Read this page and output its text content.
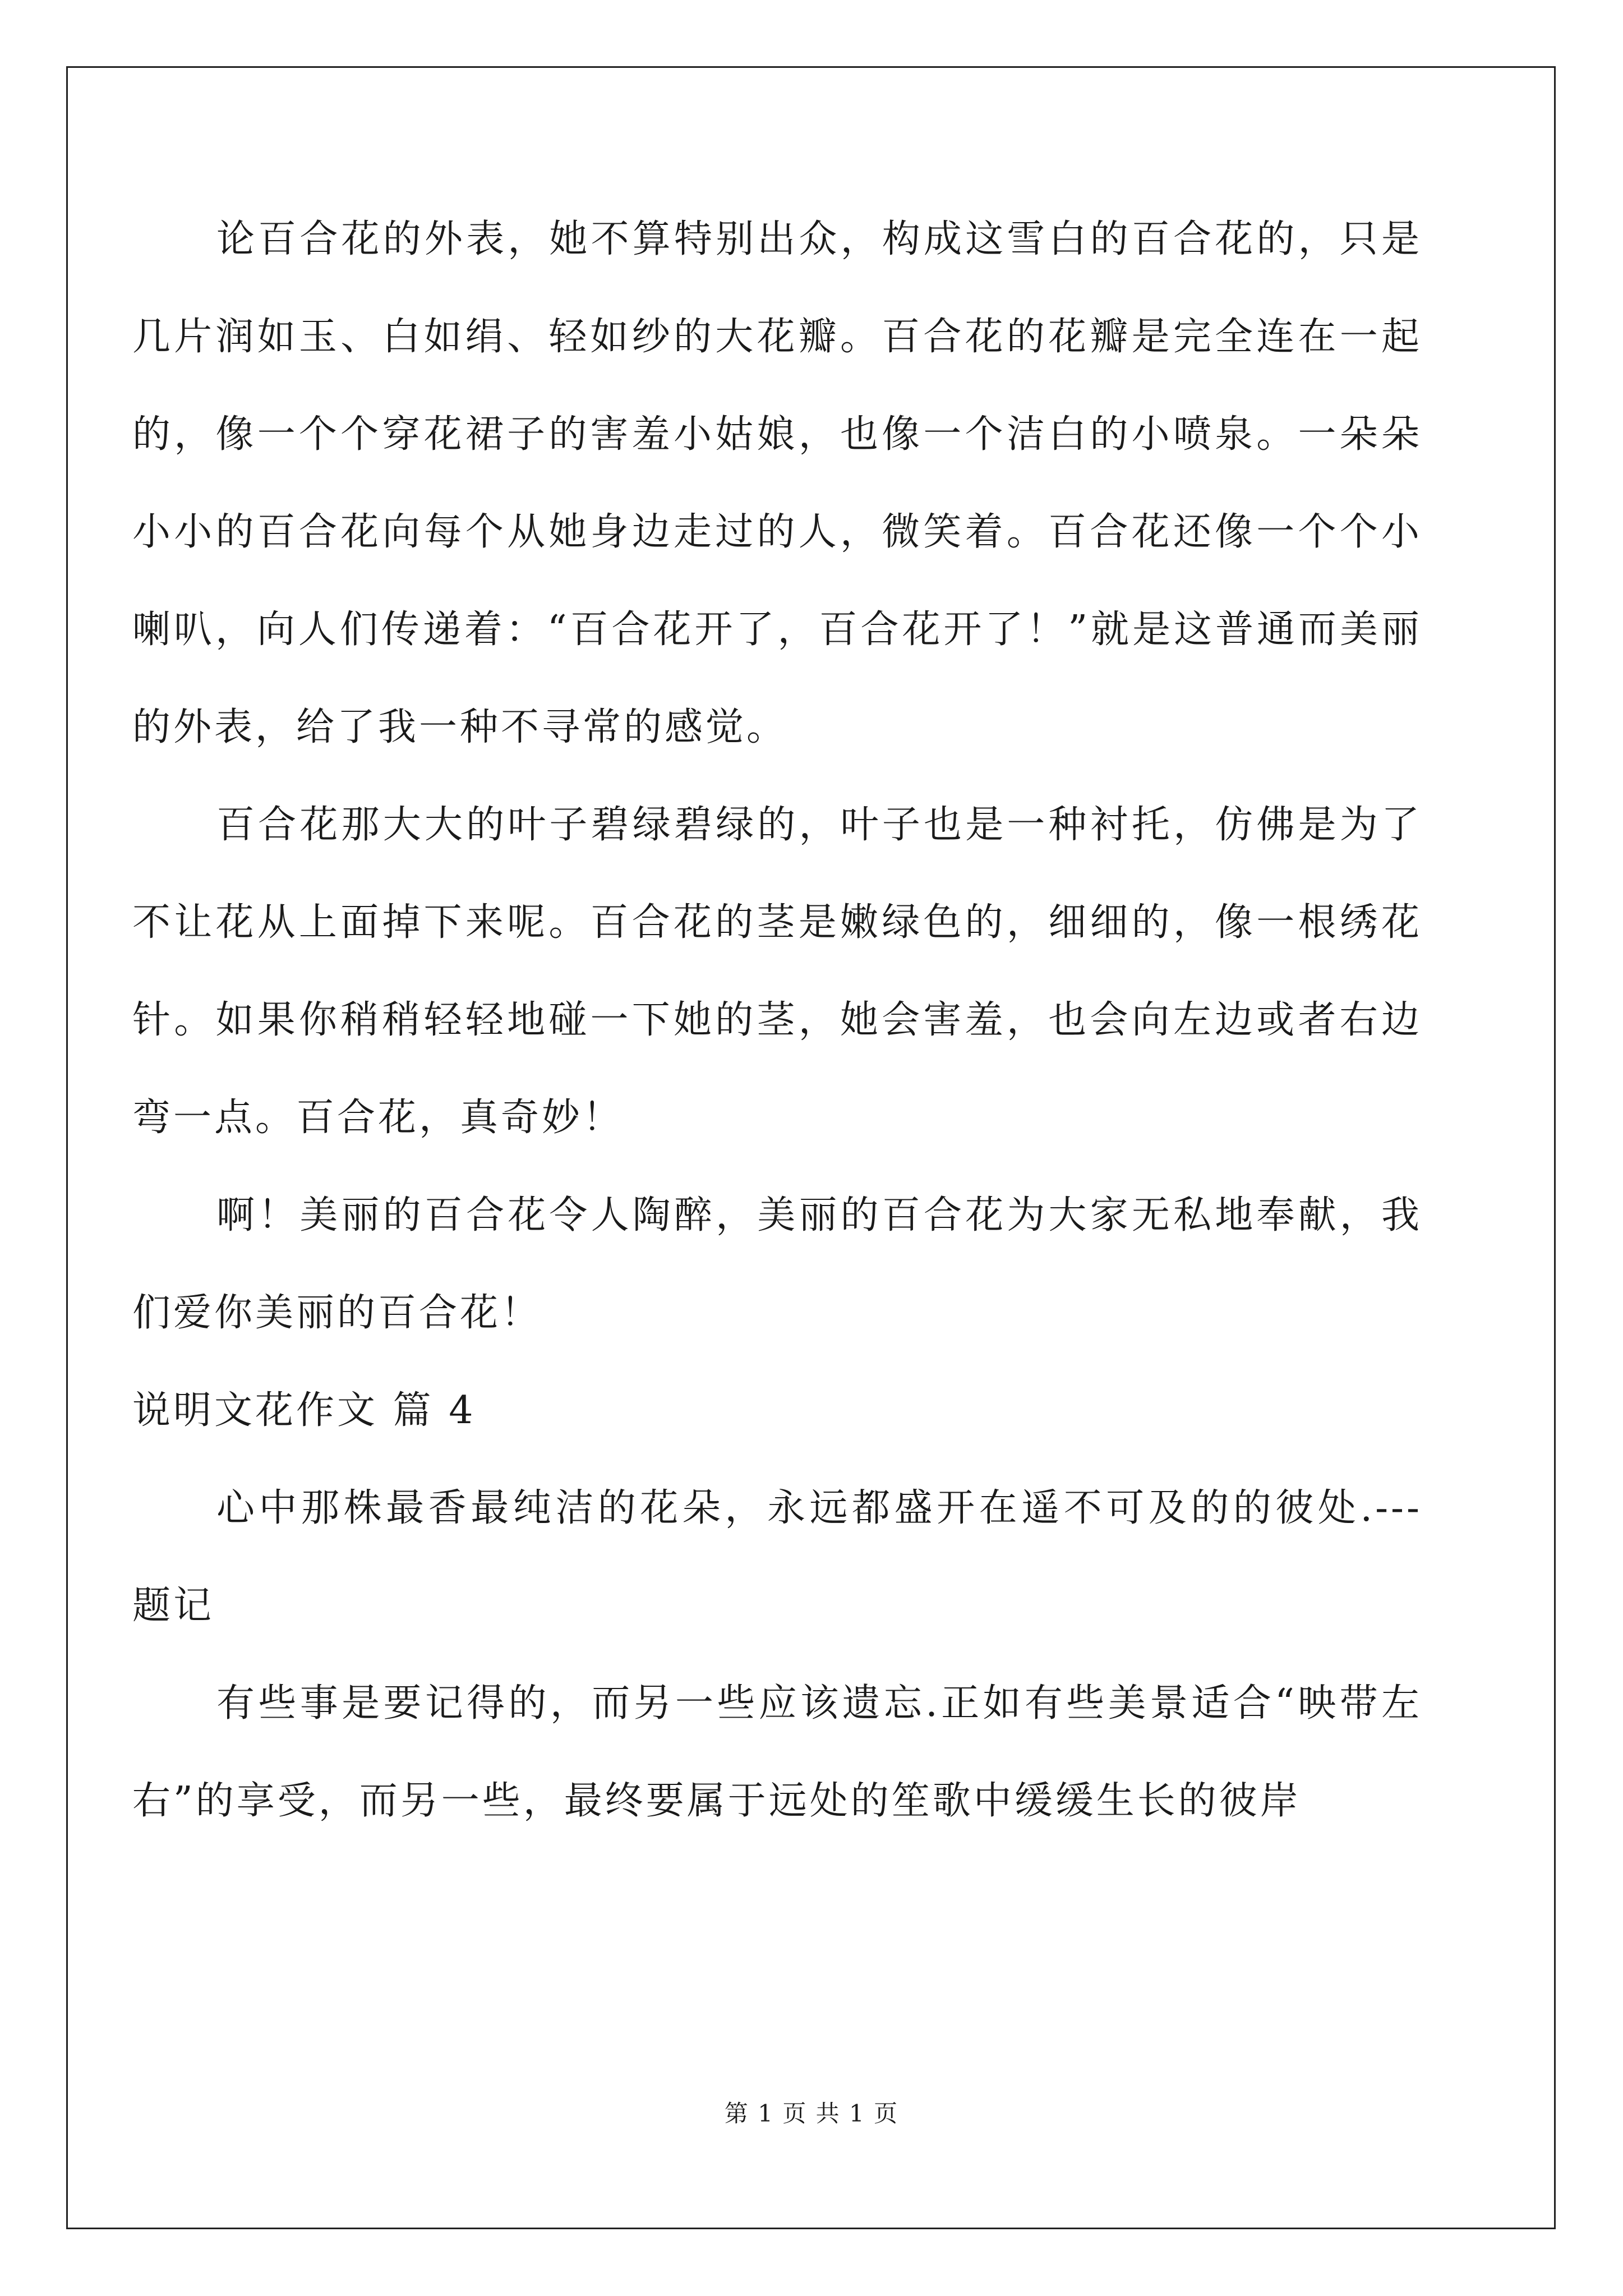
论百合花的外表，她不算特别出众，构成这雪白的百合花的，只是几片润如玉、白如绢、轻如纱的大花瓣。百合花的花瓣是完全连在一起的，像一个个穿花裙子的害羞小姑娘，也像一个洁白的小喷泉。一朵朵小小的百合花向每个从她身边走过的人，微笑着。百合花还像一个个小喇叭，向人们传递着：“百合花开了，百合花开了！”就是这普通而美丽的外表，给了我一种不寻常的感觉。

百合花那大大的叶子碧绿碧绿的，叶子也是一种衬托，仿佛是为了不让花从上面掉下来呢。百合花的茎是嫩绿色的，细细的，像一根绣花针。如果你稍稍轻轻地碰一下她的茎，她会害羞，也会向左边或者右边弯一点。百合花，真奇妙！

啊！美丽的百合花令人陶醉，美丽的百合花为大家无私地奉献，我们爱你美丽的百合花！

说明文花作文 篇 4

心中那株最香最纯洁的花朵，永远都盛开在遥不可及的的彼处.---题记

有些事是要记得的，而另一些应该遗忘.正如有些美景适合“映带左右”的享受，而另一些，最终要属于远处的笙歌中缓缓生长的彼岸

第 1 页 共 1 页
